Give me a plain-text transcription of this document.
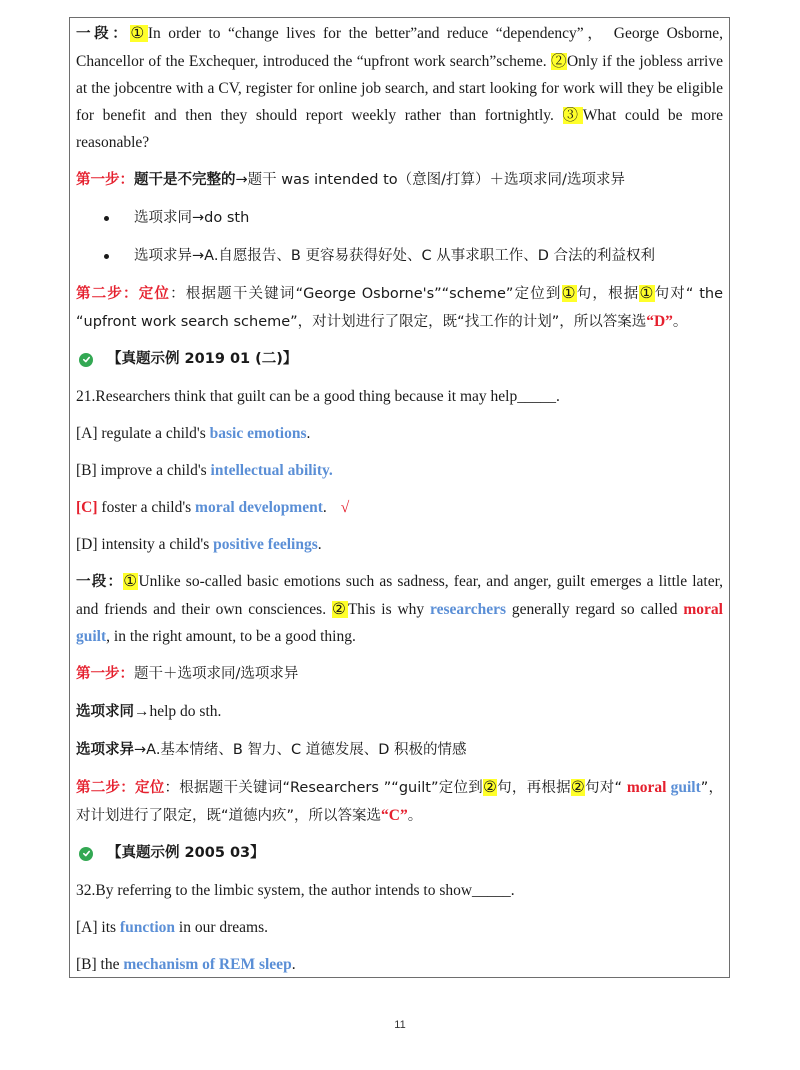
一段：①In order to “change lives for the better”and reduce “dependency”， George Osborne, Chancellor of the Exchequer, introduced the “upfront work search”scheme. ②Only if the jobless arrive at the jobcentre with a CV, register for online job search, and start looking for work will they be eligible for benefit and then they should report weekly rather than fortnightly. ③What could be more reasonable?

第一步：题干是不完整的→题干 was intended to（意图/打算）＋选项求同/选项求异

选项求同→do sth

选项求异→A.自愿报告、B 更容易获得好处、C 从事求职工作、D 合法的利益权利

第二步：定位：根据题干关键词“George Osborne's”“scheme”定位到①句，根据①句对“ the “upfront work search scheme”，对计划进行了限定，既“找工作的计划”，所以答案选“D”。

【真题示例 2019 01 (二)】

21.Researchers think that guilt can be a good thing because it may help_____.

[A] regulate a child's basic emotions.

[B] improve a child's intellectual ability.

[C] foster a child's moral development. √

[D] intensity a child's positive feelings.

一段：①Unlike so-called basic emotions such as sadness, fear, and anger, guilt emerges a little later, and friends and their own consciences. ②This is why researchers generally regard so called moral guilt, in the right amount, to be a good thing.

第一步：题干＋选项求同/选项求异

选项求同→help do sth.

选项求异→A.基本情绪、B 智力、C 道德发展、D 积极的情感

第二步：定位：根据题干关键词“Researchers ”“guilt”定位到②句，再根据②句对“ moral guilt”，对计划进行了限定，既“道德内疚”，所以答案选“C”。

【真题示例 2005 03】

32.By referring to the limbic system, the author intends to show_____.

[A] its function in our dreams.

[B] the mechanism of REM sleep.

11
